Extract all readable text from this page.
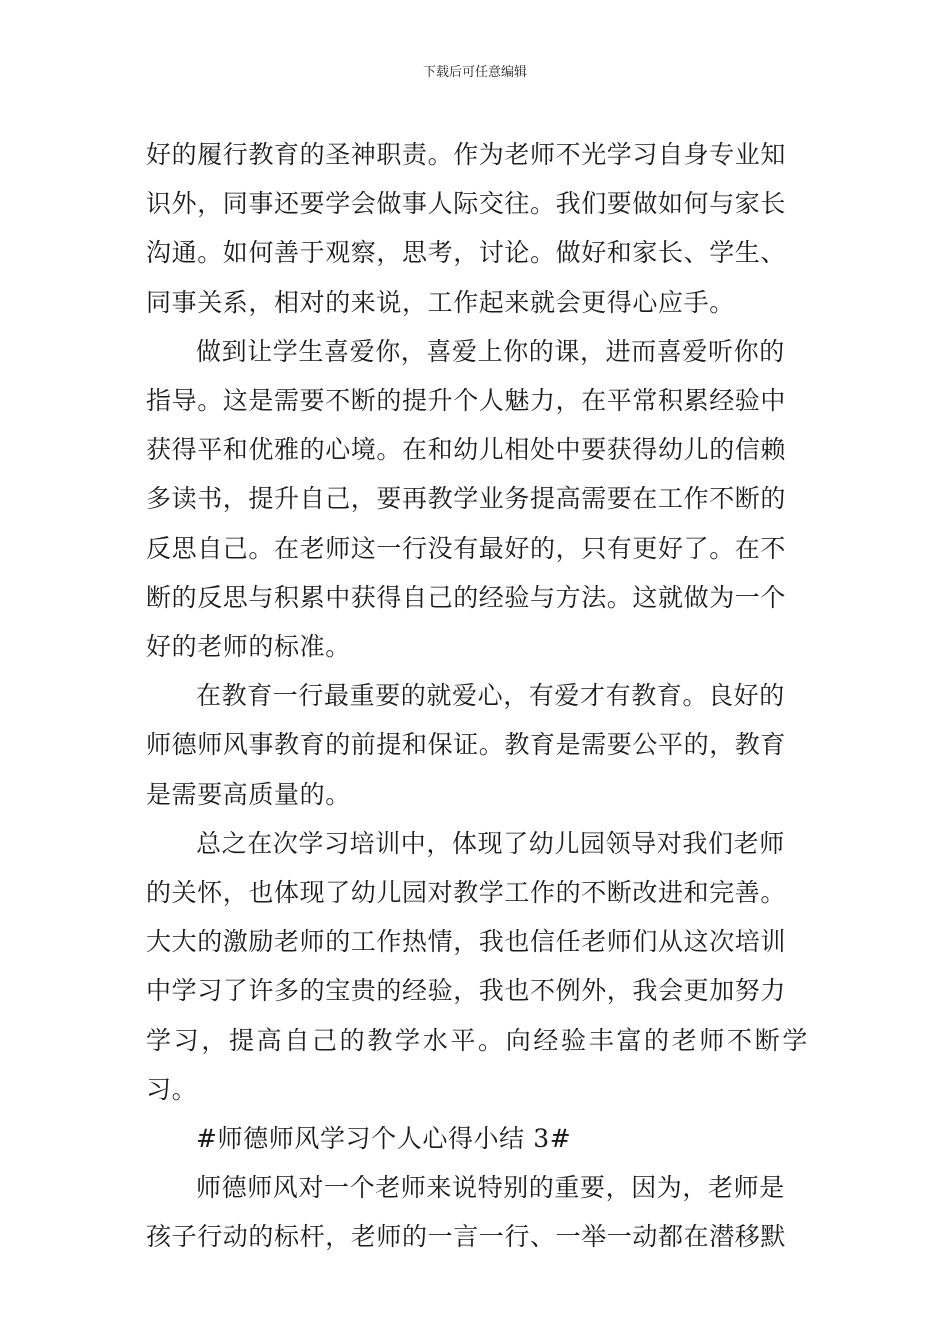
下载后可任意编辑
好的履行教育的圣神职责。作为老师不光学习自身专业知
识外，同事还要学会做事人际交往。我们要做如何与家长
沟通。如何善于观察，思考，讨论。做好和家长、学生、
同事关系，相对的来说，工作起来就会更得心应手。
做到让学生喜爱你，喜爱上你的课，进而喜爱听你的
指导。这是需要不断的提升个人魅力，在平常积累经验中
获得平和优雅的心境。在和幼儿相处中要获得幼儿的信赖
多读书，提升自己，要再教学业务提高需要在工作不断的
反思自己。在老师这一行没有最好的，只有更好了。在不
断的反思与积累中获得自己的经验与方法。这就做为一个
好的老师的标准。
在教育一行最重要的就爱心，有爱才有教育。良好的
师德师风事教育的前提和保证。教育是需要公平的，教育
是需要高质量的。
总之在次学习培训中，体现了幼儿园领导对我们老师
的关怀，也体现了幼儿园对教学工作的不断改进和完善。
大大的激励老师的工作热情，我也信任老师们从这次培训
中学习了许多的宝贵的经验，我也不例外，我会更加努力
学习，提高自己的教学水平。向经验丰富的老师不断学习。
#师德师风学习个人心得小结 3#
师德师风对一个老师来说特别的重要，因为，老师是
孩子行动的标杆，老师的一言一行、一举一动都在潜移默
